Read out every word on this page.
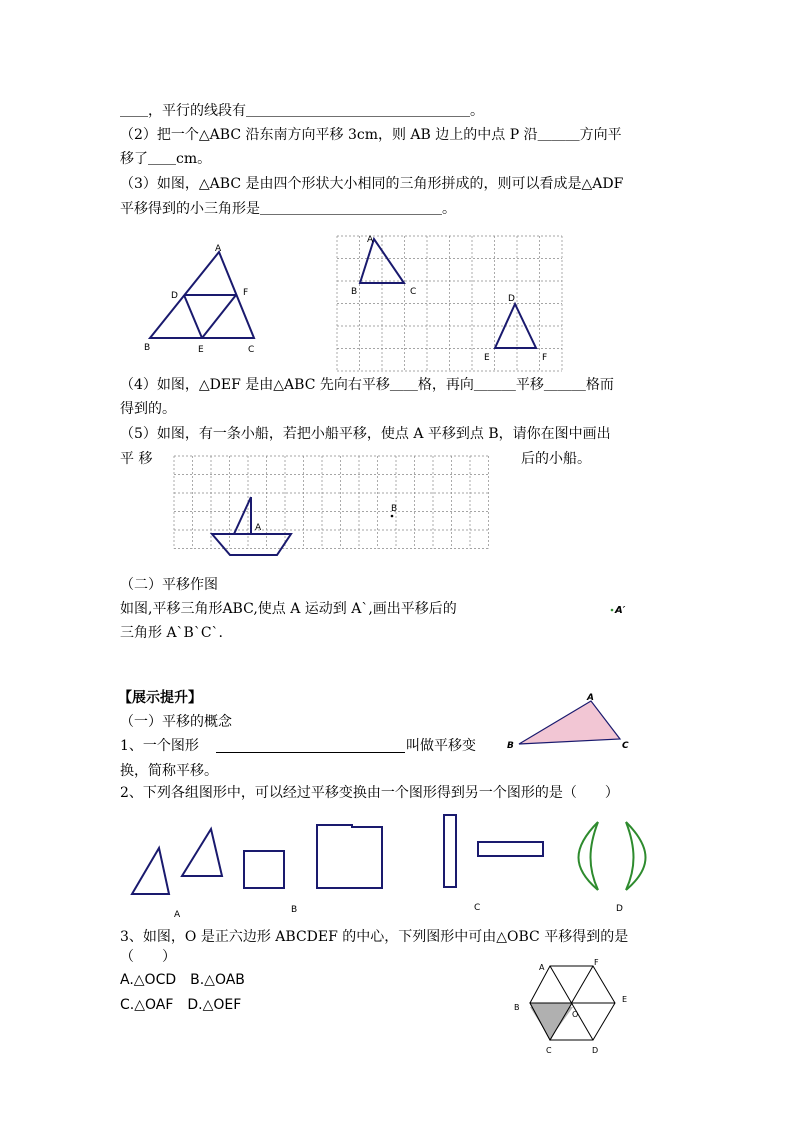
＿＿，平行的线段有＿＿＿＿＿＿＿＿＿＿＿＿＿＿＿＿。
（2）把一个△ABC 沿东南方向平移 3cm，则 AB 边上的中点 P 沿＿＿＿方向平
移了＿＿cm。
（3）如图，△ABC 是由四个形状大小相同的三角形拼成的，则可以看成是△ADF
平移得到的小三角形是＿＿＿＿＿＿＿＿＿＿＿＿＿。
A
D	F
B	E	C
A
B	C
D
E	F
（4）如图，△DEF 是由△ABC 先向右平移＿＿格，再向＿＿＿平移＿＿＿格而
得到的。
（5）如图，有一条小船，若把小船平移，使点 A 平移到点 B，请你在图中画出
平 移	后的小船。
A
B
（二）平移作图
如图,平移三角形ABC,使点 A 运动到 A`,画出平移后的
三角形 A`B`C`.
A′
【展示提升】
（一）平移的概念
A
B	C
1、一个图形	叫做平移变
换，简称平移。
2、下列各组图形中，可以经过平移变换由一个图形得到另一个图形的是（　　）
A	B	C	D
3、如图，O 是正六边形 ABCDEF 的中心，下列图形中可由△OBC 平移得到的是
（　　）
A.△OCD　B.△OAB
C.△OAF　D.△OEF
A
F
B
E
O
C	D
